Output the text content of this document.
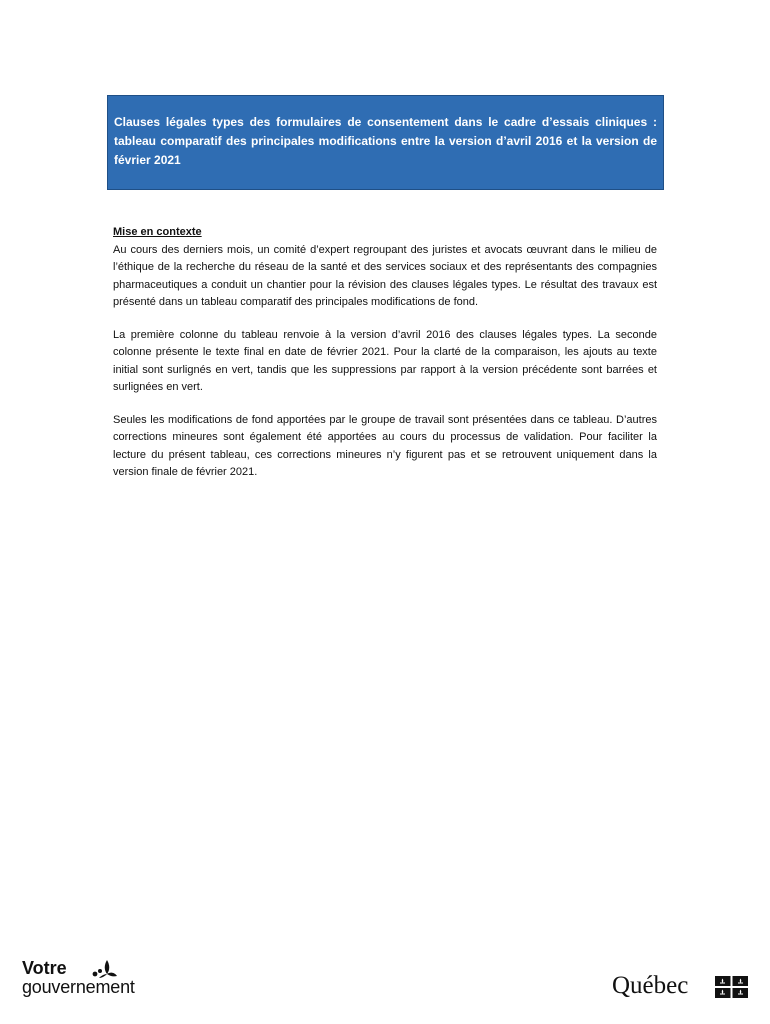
Clauses légales types des formulaires de consentement dans le cadre d’essais cliniques : tableau comparatif des principales modifications entre la version d’avril 2016 et la version de février 2021

Mise en contexte

Au cours des derniers mois, un comité d’expert regroupant des juristes et avocats œuvrant dans le milieu de l’éthique de la recherche du réseau de la santé et des services sociaux et des représentants des compagnies pharmaceutiques a conduit un chantier pour la révision des clauses légales types. Le résultat des travaux est présenté dans un tableau comparatif des principales modifications de fond.

La première colonne du tableau renvoie à la version d’avril 2016 des clauses légales types. La seconde colonne présente le texte final en date de février 2021. Pour la clarté de la comparaison, les ajouts au texte initial sont surlignés en vert, tandis que les suppressions par rapport à la version précédente sont barrées et surlignées en vert.

Seules les modifications de fond apportées par le groupe de travail sont présentées dans ce tableau. D’autres corrections mineures sont également été apportées au cours du processus de validation. Pour faciliter la lecture du présent tableau, ces corrections mineures n’y figurent pas et se retrouvent uniquement dans la version finale de février 2021.

Votre
gouvernement	Québec
